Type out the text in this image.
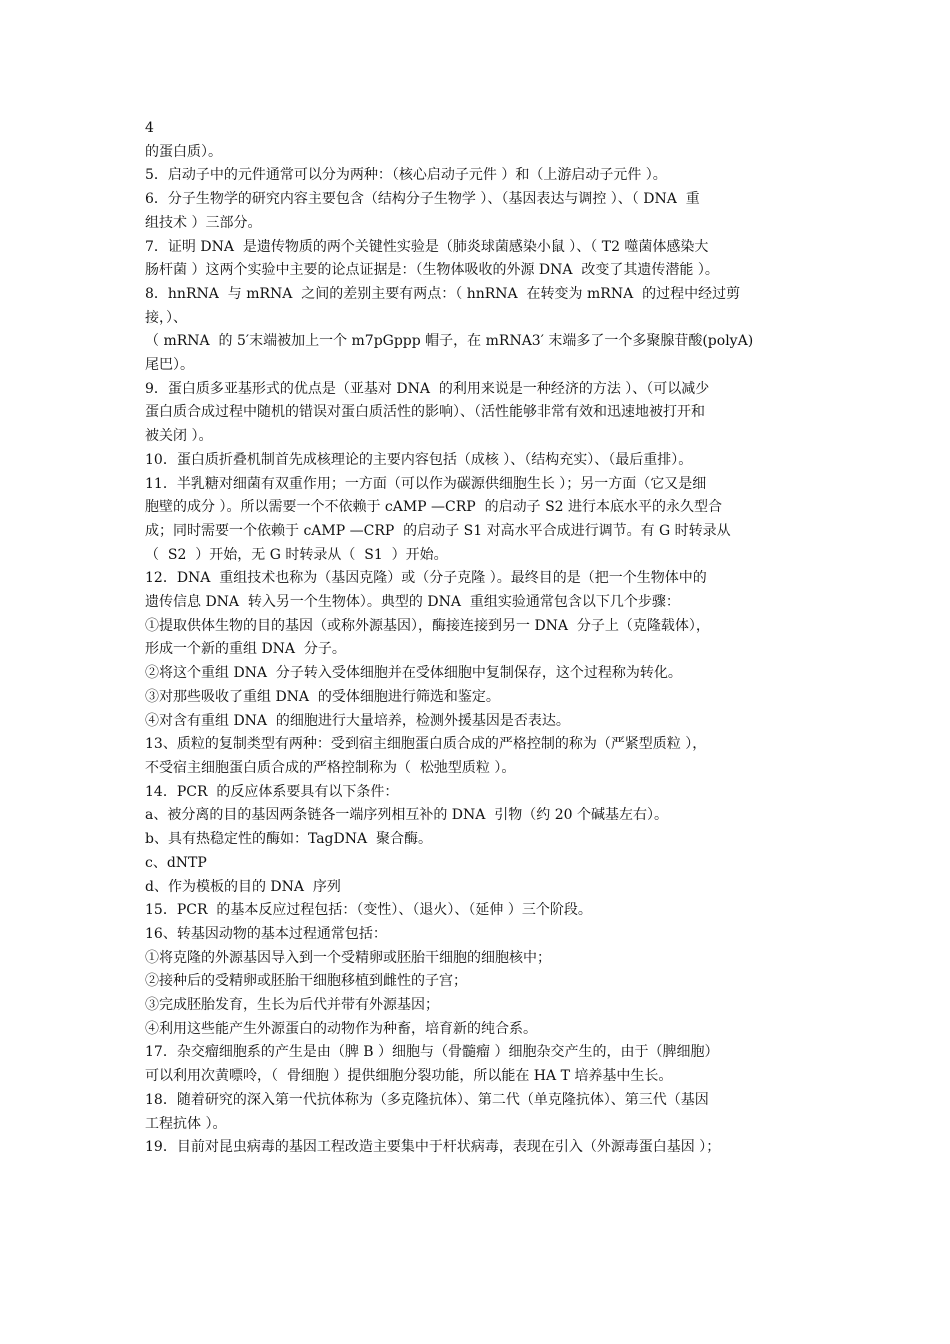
4
的蛋白质）。
5．启动子中的元件通常可以分为两种：（核心启动子元件 ）和（上游启动子元件 ）。
6．分子生物学的研究内容主要包含（结构分子生物学 ）、（基因表达与调控 ）、（ DNA  重
组技术 ）三部分。
7．证明 DNA  是遗传物质的两个关键性实验是（肺炎球菌感染小鼠 ）、（ T2 噬菌体感染大
肠杆菌 ）这两个实验中主要的论点证据是：（生物体吸收的外源 DNA  改变了其遗传潜能 ）。
8．hnRNA  与 mRNA  之间的差别主要有两点：（ hnRNA  在转变为 mRNA  的过程中经过剪
接，）、
（ mRNA  的 5′末端被加上一个 m7pGppp 帽子，在 mRNA3′ 末端多了一个多聚腺苷酸(polyA)
尾巴）。
9．蛋白质多亚基形式的优点是（亚基对 DNA  的利用来说是一种经济的方法 ）、（可以减少
蛋白质合成过程中随机的错误对蛋白质活性的影响）、（活性能够非常有效和迅速地被打开和
被关闭 ）。
10．蛋白质折叠机制首先成核理论的主要内容包括（成核 ）、（结构充实）、（最后重排）。
11．半乳糖对细菌有双重作用；一方面（可以作为碳源供细胞生长 ）；另一方面（它又是细
胞壁的成分 ）。所以需要一个不依赖于 cAMP —CRP  的启动子 S2 进行本底水平的永久型合
成；同时需要一个依赖于 cAMP —CRP  的启动子 S1 对高水平合成进行调节。有 G 时转录从
（  S2  ）开始，无 G 时转录从（  S1  ）开始。
12．DNA  重组技术也称为（基因克隆）或（分子克隆 ）。最终目的是（把一个生物体中的
遗传信息 DNA  转入另一个生物体）。典型的 DNA  重组实验通常包含以下几个步骤：
①提取供体生物的目的基因（或称外源基因），酶接连接到另一 DNA  分子上（克隆载体），
形成一个新的重组 DNA  分子。
②将这个重组 DNA  分子转入受体细胞并在受体细胞中复制保存，这个过程称为转化。
③对那些吸收了重组 DNA  的受体细胞进行筛选和鉴定。
④对含有重组 DNA  的细胞进行大量培养，检测外援基因是否表达。
13、质粒的复制类型有两种：受到宿主细胞蛋白质合成的严格控制的称为（严紧型质粒 ），
不受宿主细胞蛋白质合成的严格控制称为（  松弛型质粒 ）。
14．PCR  的反应体系要具有以下条件：
a、被分离的目的基因两条链各一端序列相互补的 DNA  引物（约 20 个碱基左右）。
b、具有热稳定性的酶如：TagDNA  聚合酶。
c、dNTP
d、作为模板的目的 DNA  序列
15．PCR  的基本反应过程包括：（变性）、（退火）、（延伸 ）三个阶段。
16、转基因动物的基本过程通常包括：
①将克隆的外源基因导入到一个受精卵或胚胎干细胞的细胞核中；
②接种后的受精卵或胚胎干细胞移植到雌性的子宫；
③完成胚胎发育，生长为后代并带有外源基因；
④利用这些能产生外源蛋白的动物作为种畜，培育新的纯合系。
17．杂交瘤细胞系的产生是由（脾 B ）细胞与（骨髓瘤 ）细胞杂交产生的，由于（脾细胞）
可以利用次黄嘌呤，（  骨细胞 ）提供细胞分裂功能，所以能在 HA T 培养基中生长。
18．随着研究的深入第一代抗体称为（多克隆抗体）、第二代（单克隆抗体）、第三代（基因
工程抗体 ）。
19．目前对昆虫病毒的基因工程改造主要集中于杆状病毒，表现在引入（外源毒蛋白基因 ）；
